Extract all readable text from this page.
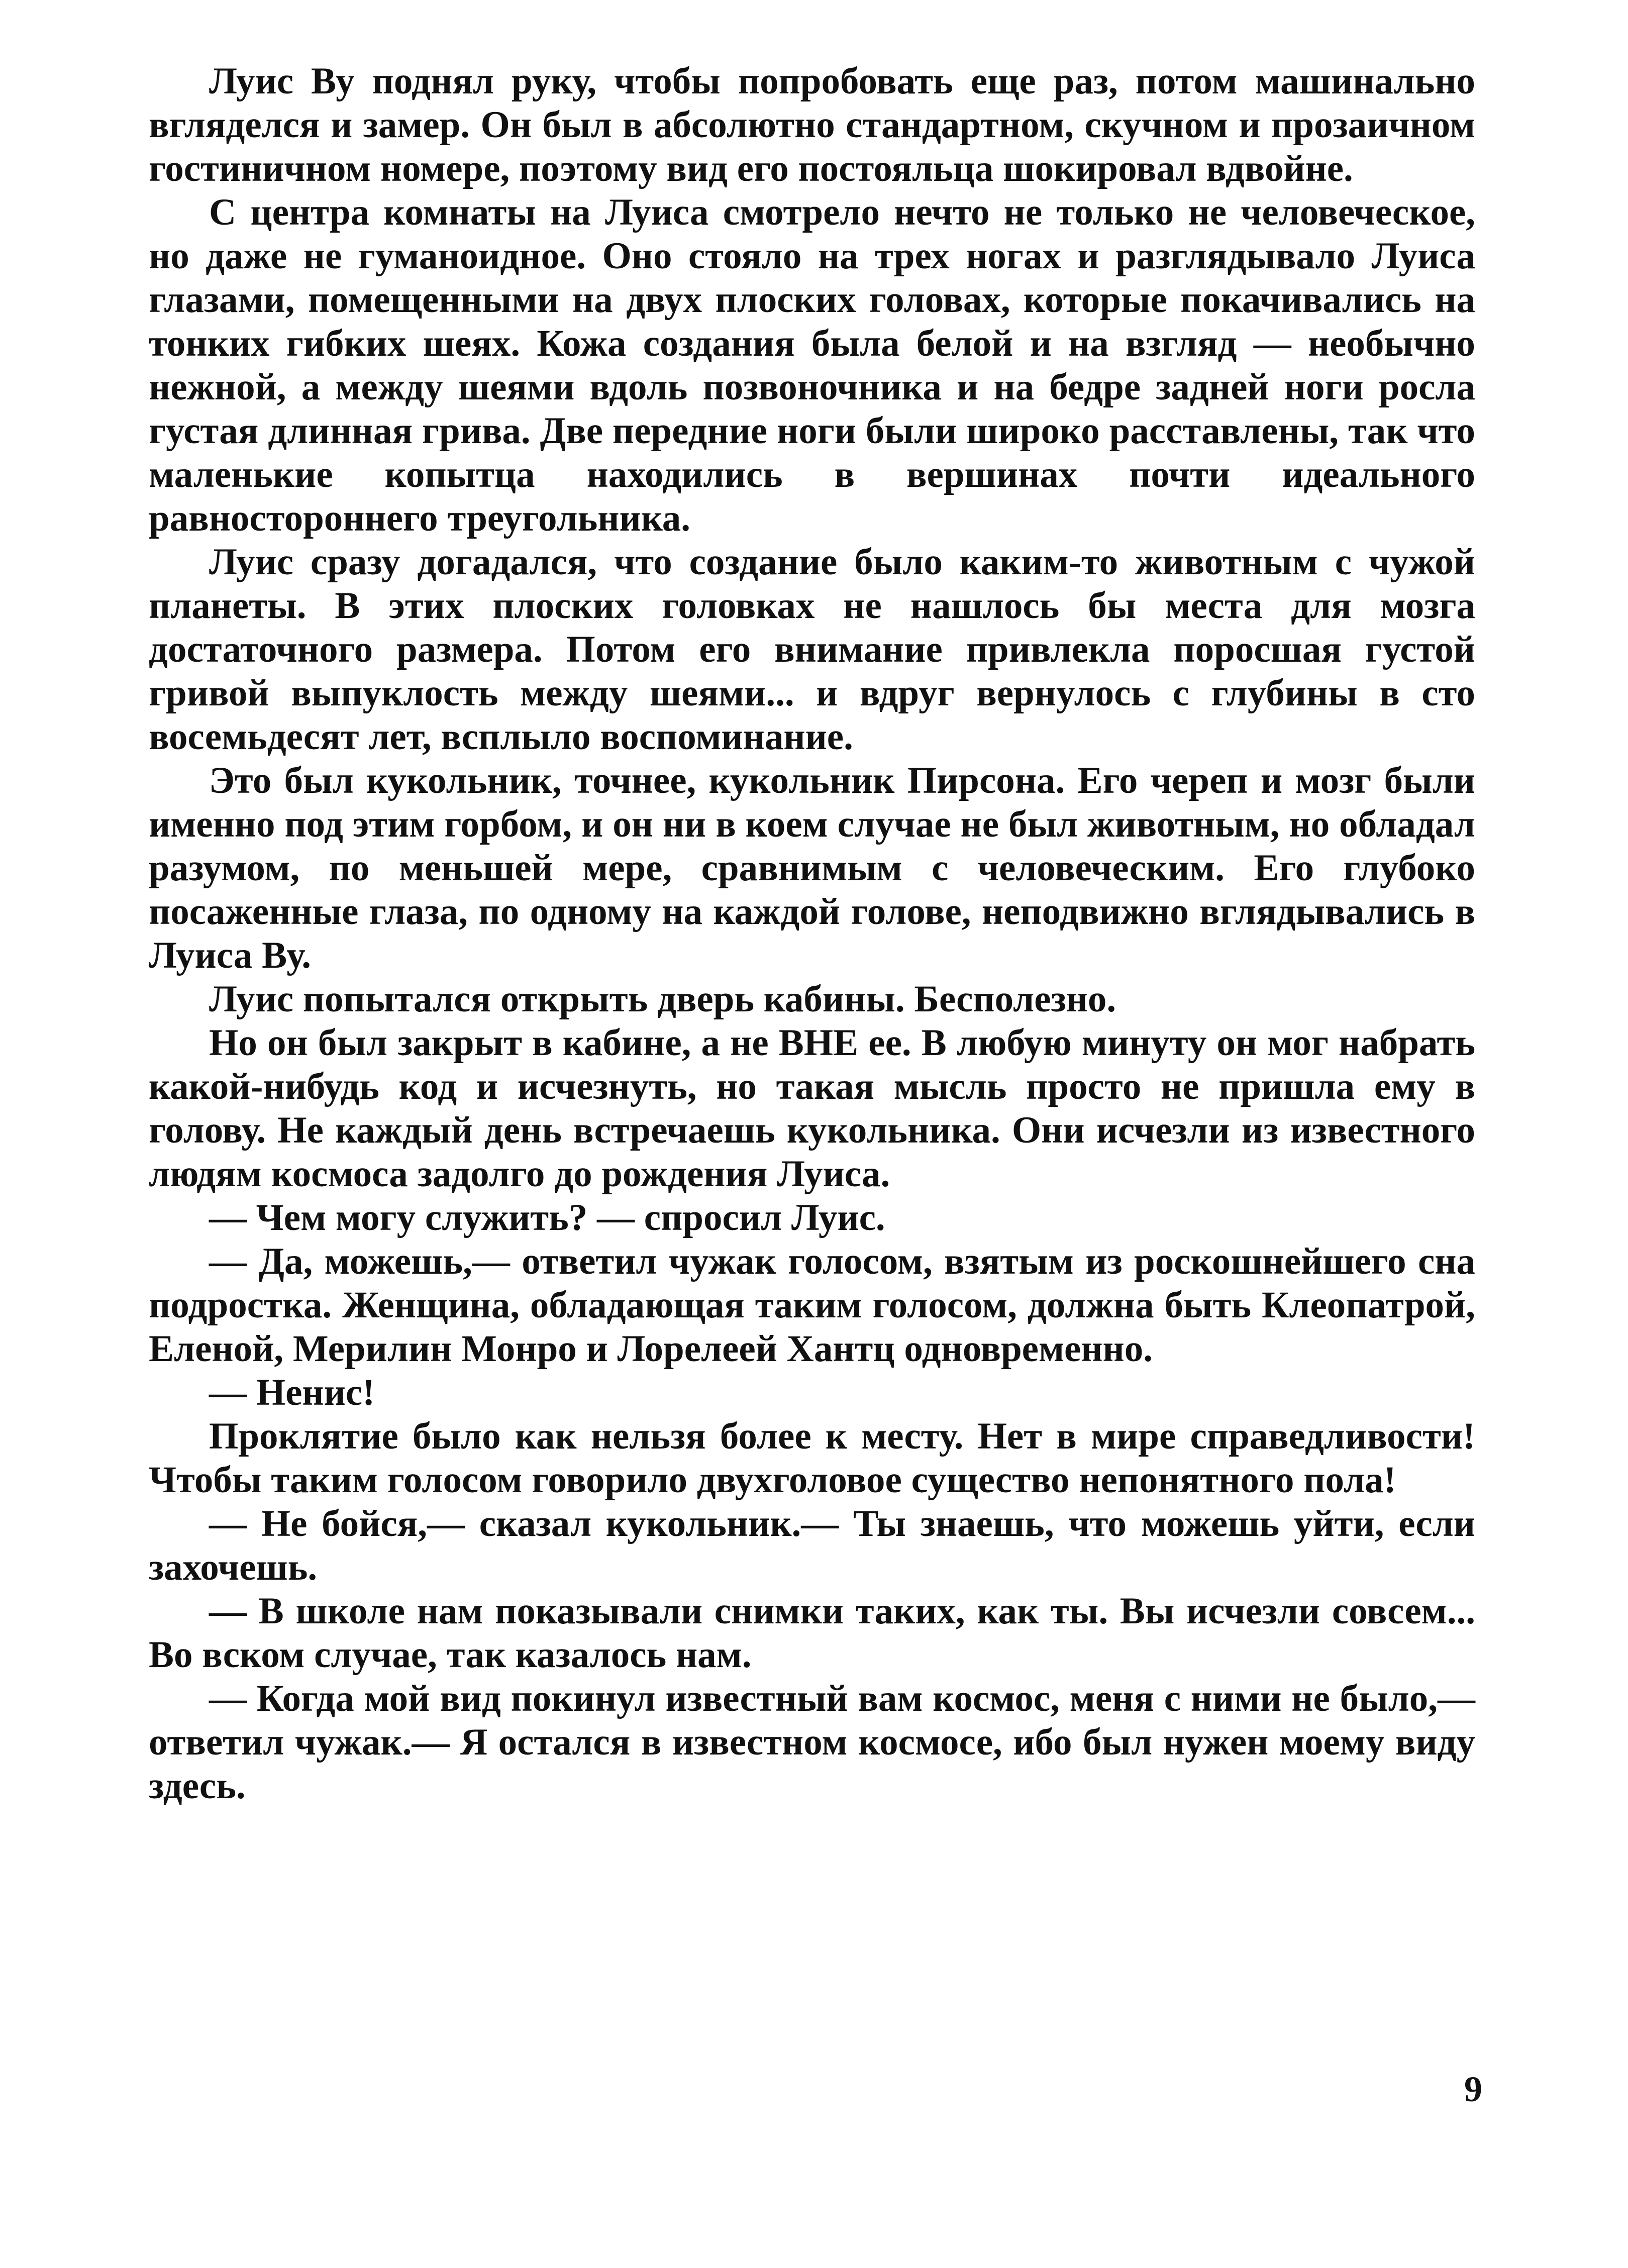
Луис Ву поднял руку, чтобы попробовать еще раз, потом машинально вгляделся и замер. Он был в абсолютно стандартном, скучном и прозаичном гостиничном номере, поэтому вид его постояльца шокировал вдвойне.

С центра комнаты на Луиса смотрело нечто не только не человеческое, но даже не гуманоидное. Оно стояло на трех ногах и разглядывало Луиса глазами, помещенными на двух плоских головах, которые покачивались на тонких гибких шеях. Кожа создания была белой и на взгляд — необычно нежной, а между шеями вдоль позвоночника и на бедре задней ноги росла густая длинная грива. Две передние ноги были широко расставлены, так что маленькие копытца находились в вершинах почти идеального равностороннего треугольника.

Луис сразу догадался, что создание было каким-то животным с чужой планеты. В этих плоских головках не нашлось бы места для мозга достаточного размера. Потом его внимание привлекла поросшая густой гривой выпуклость между шеями... и вдруг вернулось с глубины в сто восемьдесят лет, всплыло воспоминание.

Это был кукольник, точнее, кукольник Пирсона. Его череп и мозг были именно под этим горбом, и он ни в коем случае не был животным, но обладал разумом, по меньшей мере, сравнимым с человеческим. Его глубоко посаженные глаза, по одному на каждой голове, неподвижно вглядывались в Луиса Ву.

Луис попытался открыть дверь кабины. Бесполезно.

Но он был закрыт в кабине, а не ВНЕ ее. В любую минуту он мог набрать какой-нибудь код и исчезнуть, но такая мысль просто не пришла ему в голову. Не каждый день встречаешь кукольника. Они исчезли из известного людям космоса задолго до рождения Луиса.

— Чем могу служить? — спросил Луис.

— Да, можешь,— ответил чужак голосом, взятым из роскошнейшего сна подростка. Женщина, обладающая таким голосом, должна быть Клеопатрой, Еленой, Мерилин Монро и Лорелеей Хантц одновременно.

— Ненис!

Проклятие было как нельзя более к месту. Нет в мире справедливости! Чтобы таким голосом говорило двухголовое существо непонятного пола!

— Не бойся,— сказал кукольник.— Ты знаешь, что можешь уйти, если захочешь.

— В школе нам показывали снимки таких, как ты. Вы исчезли совсем... Во вском случае, так казалось нам.

— Когда мой вид покинул известный вам космос, меня с ними не было,— ответил чужак.— Я остался в известном космосе, ибо был нужен моему виду здесь.

9
